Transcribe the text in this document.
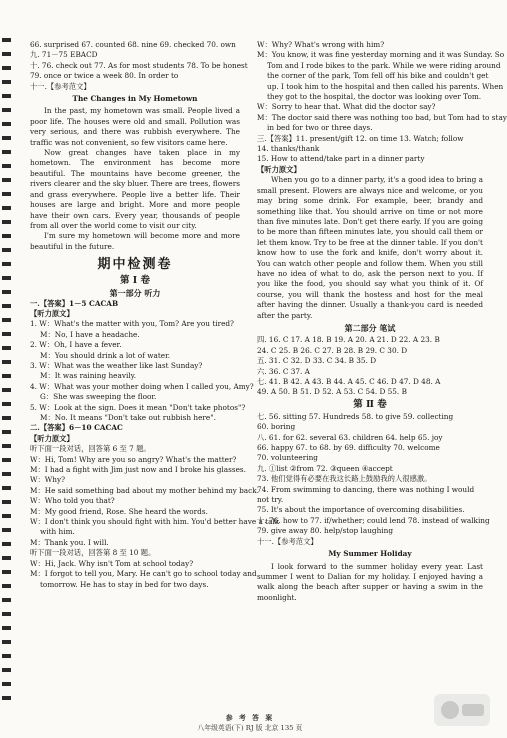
66. surprised 67. counted 68. nine 69. checked 70. own
九. 71－75 EBACD
十. 76. check out 77. As for most students 78. To be honest
79. once or twice a week 80. In order to
十一.【参考范文】
The Changes in My Hometown
In the past, my hometown was small. People lived a poor life. The houses were old and small. Pollution was very serious, and there was rubbish everywhere. The traffic was not convenient, so few visitors came here.
Now great changes have taken place in my hometown. The environment has become more beautiful. The mountains have become greener, the rivers clearer and the sky bluer. There are trees, flowers and grass everywhere. People live a better life. Their houses are large and bright. More and more people have their own cars. Every year, thousands of people from all over the world come to visit our city.
I'm sure my hometown will become more and more beautiful in the future.
期中检测卷
第 Ⅰ 卷
第一部分 听力
一.【答案】1－5 CACAB
【听力原文】
1. W：What's the matter with you, Tom? Are you tired?
M：No, I have a headache.
2. W：Oh, I have a fever.
M：You should drink a lot of water.
3. W：What was the weather like last Sunday?
M：It was raining heavily.
4. W：What was your mother doing when I called you, Amy?
G：She was sweeping the floor.
5. W：Look at the sign. Does it mean "Don't take photos"?
M：No. It means "Don't take out rubbish here".
二.【答案】6－10 CACAC
【听力原文】
听下面一段对话，回答第 6 至 7 题。
W：Hi, Tom! Why are you so angry? What's the matter?
M：I had a fight with Jim just now and I broke his glasses.
W：Why?
M：He said something bad about my mother behind my back.
W：Who told you that?
M：My good friend, Rose. She heard the words.
W：I don't think you should fight with him. You'd better have a talk
with him.
M：Thank you. I will.
听下面一段对话，回答第 8 至 10 题。
W：Hi, Jack. Why isn't Tom at school today?
M：I forgot to tell you, Mary. He can't go to school today and
tomorrow. He has to stay in bed for two days.
W：Why? What's wrong with him?
M：You know, it was fine yesterday morning and it was Sunday. So
Tom and I rode bikes to the park. While we were riding around
the corner of the park, Tom fell off his bike and couldn't get
up. I took him to the hospital and then called his parents. When
they got to the hospital, the doctor was looking over Tom.
W：Sorry to hear that. What did the doctor say?
M：The doctor said there was nothing too bad, but Tom had to stay
in bed for two or three days.
三.【答案】11. present/gift 12. on time 13. Watch; follow
14. thanks/thank
15. How to attend/take part in a dinner party
【听力原文】
When you go to a dinner party, it's a good idea to bring a small present. Flowers are always nice and welcome, or you may bring some drink. For example, beer, brandy and something like that. You should arrive on time or not more than five minutes late. Don't get there early. If you are going to be more than fifteen minutes late, you should call them or let them know. Try to be free at the dinner table. If you don't know how to use the fork and knife, don't worry about it. You can watch other people and follow them. When you still have no idea of what to do, ask the person next to you. If you like the food, you should say what you think of it. Of course, you will thank the hostess and host for the meal after having the dinner. Usually a thank-you card is needed after the party.
第二部分 笔试
四. 16. C 17. A 18. B 19. A 20. A 21. D 22. A 23. B
24. C 25. B 26. C 27. B 28. B 29. C 30. D
五. 31. C 32. D 33. C 34. B 35. D
六. 36. C 37. A
七. 41. B 42. A 43. B 44. A 45. C 46. D 47. D 48. A
49. A 50. B 51. D 52. A 53. C 54. D 55. B
第 Ⅱ 卷
七. 56. sitting 57. Hundreds 58. to give 59. collecting
60. boring
八. 61. for 62. several 63. children 64. help 65. joy
66. happy 67. to 68. by 69. difficulty 70. welcome
70. volunteering
九. ①list ②from 72. ③queen ④accept
73. 他们觉得有必要在我这长路上鼓励我的人很感激。
74. From swimming to dancing, there was nothing I would
not try.
75. It's about the importance of overcoming disabilities.
十. 76. how to 77. if/whether; could lend 78. instead of walking
79. give away 80. help/stop laughing
十一.【参考范文】
My Summer Holiday
I look forward to the summer holiday every year. Last summer I went to Dalian for my holiday. I enjoyed having a walk along the beach after supper or having a swim in the moonlight.
参 考 答 案
八年级英语(下) RJ 版 北京 135 页
